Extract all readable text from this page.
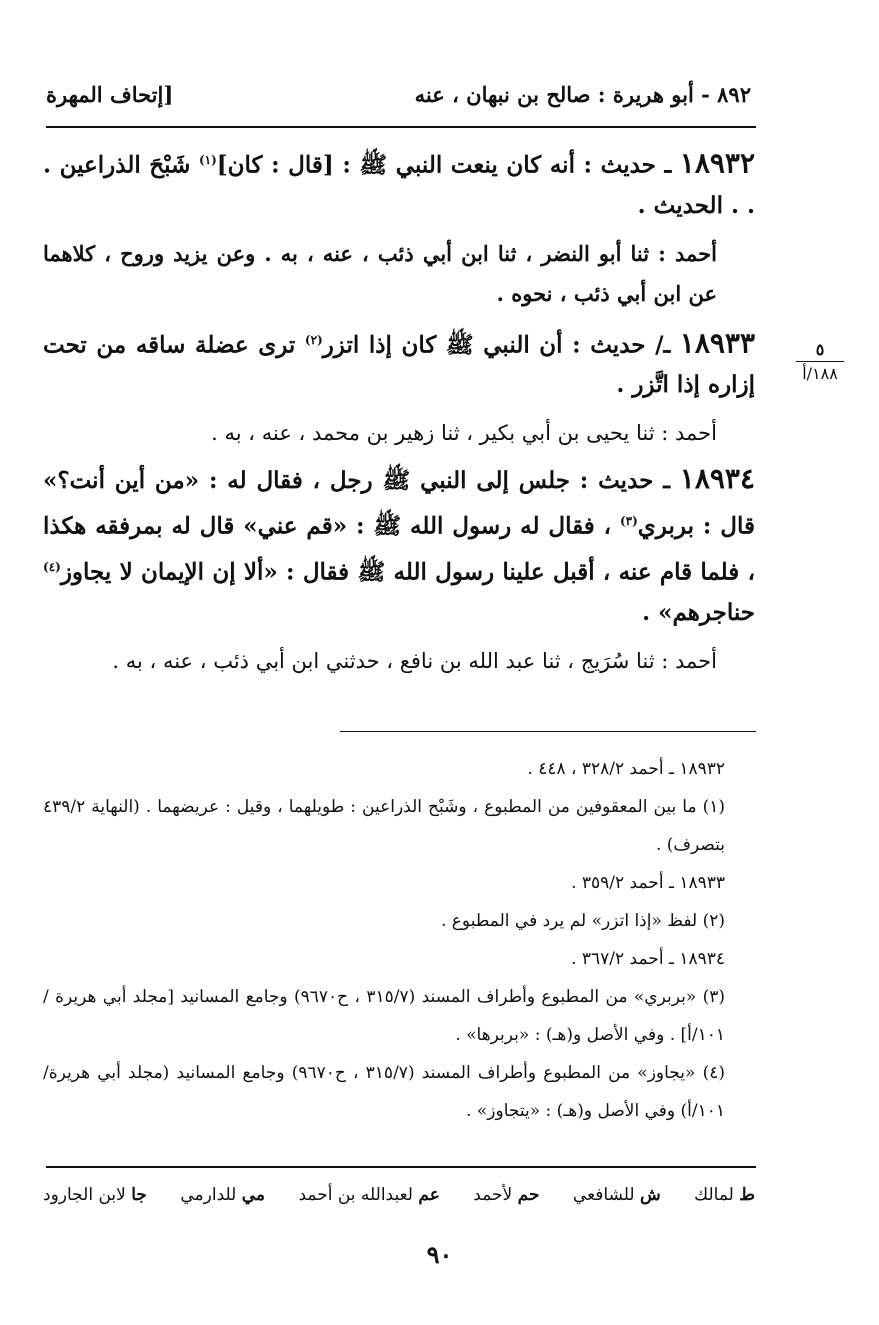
٨٩٢ - أبو هريرة : صالح بن نبهان ، عنه
[إتحاف المهرة
٥
١٨٨/أ

١٨٩٣٢ ـ حديث : أنه كان ينعت النبي ﷺ : [قال : كان]$^{(١)}$ شَبْحَ الذراعين . . . الحديث .

أحمد : ثنا أبو النضر ، ثنا ابن أبي ذئب ، عنه ، به . وعن يزيد وروح ، كلاهما عن ابن أبي ذئب ، نحوه .

١٨٩٣٣ ـ/ حديث : أن النبي ﷺ كان إذا اتزر$^{(٢)}$ ترى عضلة ساقه من تحت إزاره إذا اتَّزر .

أحمد : ثنا يحيى بن أبي بكير ، ثنا زهير بن محمد ، عنه ، به .

١٨٩٣٤ ـ حديث : جلس إلى النبي ﷺ رجل ، فقال له : «من أين أنت؟» قال : بربري$^{(٣)}$ ، فقال له رسول الله ﷺ : «قم عني» قال له بمرفقه هكذا ، فلما قام عنه ، أقبل علينا رسول الله ﷺ فقال : «ألا إن الإيمان لا يجاوز$^{(٤)}$ حناجرهم» .

أحمد : ثنا سُرَيج ، ثنا عبد الله بن نافع ، حدثني ابن أبي ذئب ، عنه ، به .

١٨٩٣٢ ـ أحمد ٣٢٨/٢ ، ٤٤٨ .

(١) ما بين المعقوفين من المطبوع ، وشَبْح الذراعين : طويلهما ، وقيل : عريضهما . (النهاية ٤٣٩/٢ بتصرف) .

١٨٩٣٣ ـ أحمد ٣٥٩/٢ .

(٢) لفظ «إذا اتزر» لم يرد في المطبوع .

١٨٩٣٤ ـ أحمد ٣٦٧/٢ .

(٣) «بربري» من المطبوع وأطراف المسند (٣١٥/٧ ، ح٩٦٧٠) وجامع المسانيد [مجلد أبي هريرة /١٠١/أ] . وفي الأصل و(هـ) : «بربرها» .

(٤) «يجاوز» من المطبوع وأطراف المسند (٣١٥/٧ ، ح٩٦٧٠) وجامع المسانيد (مجلد أبي هريرة/١٠١/أ) وفي الأصل و(هـ) : «يتجاوز» .

ط لمالك
ش للشافعي
حم لأحمد
عم لعبدالله بن أحمد
مي للدارمي
جا لابن الجارود
٩٠
